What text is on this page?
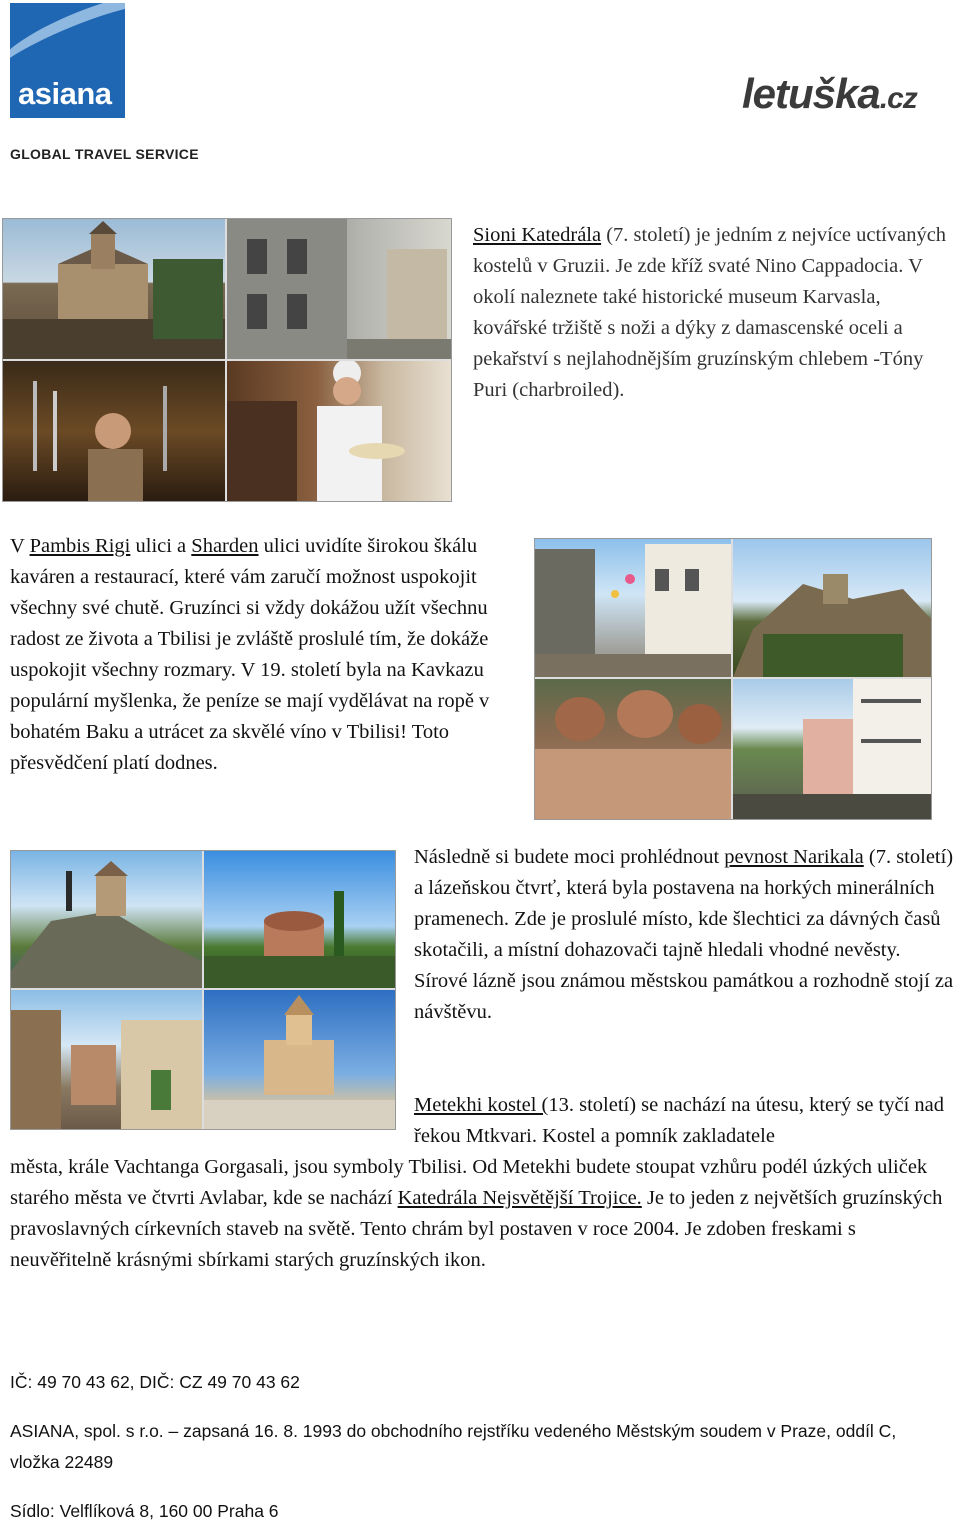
asiana
GLOBAL TRAVEL SERVICE
letuška.cz
Sioni Katedrála (7. století) je jedním z nejvíce uctívaných kostelů v Gruzii. Je zde kříž svaté Nino Cappadocia. V okolí naleznete také historické museum Karvasla, kovářské tržiště s noži a dýky z damascenské oceli a pekařství s nejlahodnějším gruzínským chlebem -Tóny Puri (charbroiled).
V Pambis Rigi ulici a Sharden ulici uvidíte širokou škálu kaváren a restaurací, které vám zaručí možnost uspokojit všechny své chutě. Gruzínci si vždy dokážou užít všechnu radost ze života a Tbilisi je zvláště proslulé tím, že dokáže uspokojit všechny rozmary. V 19. století byla na Kavkazu populární myšlenka, že peníze se mají vydělávat na ropě v bohatém Baku a utrácet za skvělé víno v Tbilisi! Toto přesvědčení platí dodnes.
Následně si budete moci prohlédnout pevnost Narikala (7. století) a lázeňskou čtvrť, která byla postavena na horkých minerálních pramenech. Zde je proslulé místo, kde šlechtici za dávných časů skotačili, a místní dohazovači tajně hledali vhodné nevěsty. Sírové lázně jsou známou městskou památkou a rozhodně stojí za návštěvu.
Metekhi kostel (13. století) se nachází na útesu, který se tyčí nad řekou Mtkvari. Kostel a pomník zakladatele
města, krále Vachtanga Gorgasali, jsou symboly Tbilisi. Od Metekhi budete stoupat vzhůru podél úzkých uliček starého města ve čtvrti Avlabar, kde se nachází Katedrála Nejsvětější Trojice. Je to jeden z největších gruzínských pravoslavných církevních staveb na světě. Tento chrám byl postaven v roce 2004. Je zdoben freskami s neuvěřitelně krásnými sbírkami starých gruzínských ikon.
IČ: 49 70 43 62, DIČ: CZ 49 70 43 62
ASIANA, spol. s r.o. – zapsaná 16. 8. 1993 do obchodního rejstříku vedeného Městským soudem v Praze, oddíl C, vložka 22489
Sídlo: Velflíková 8, 160 00 Praha 6
